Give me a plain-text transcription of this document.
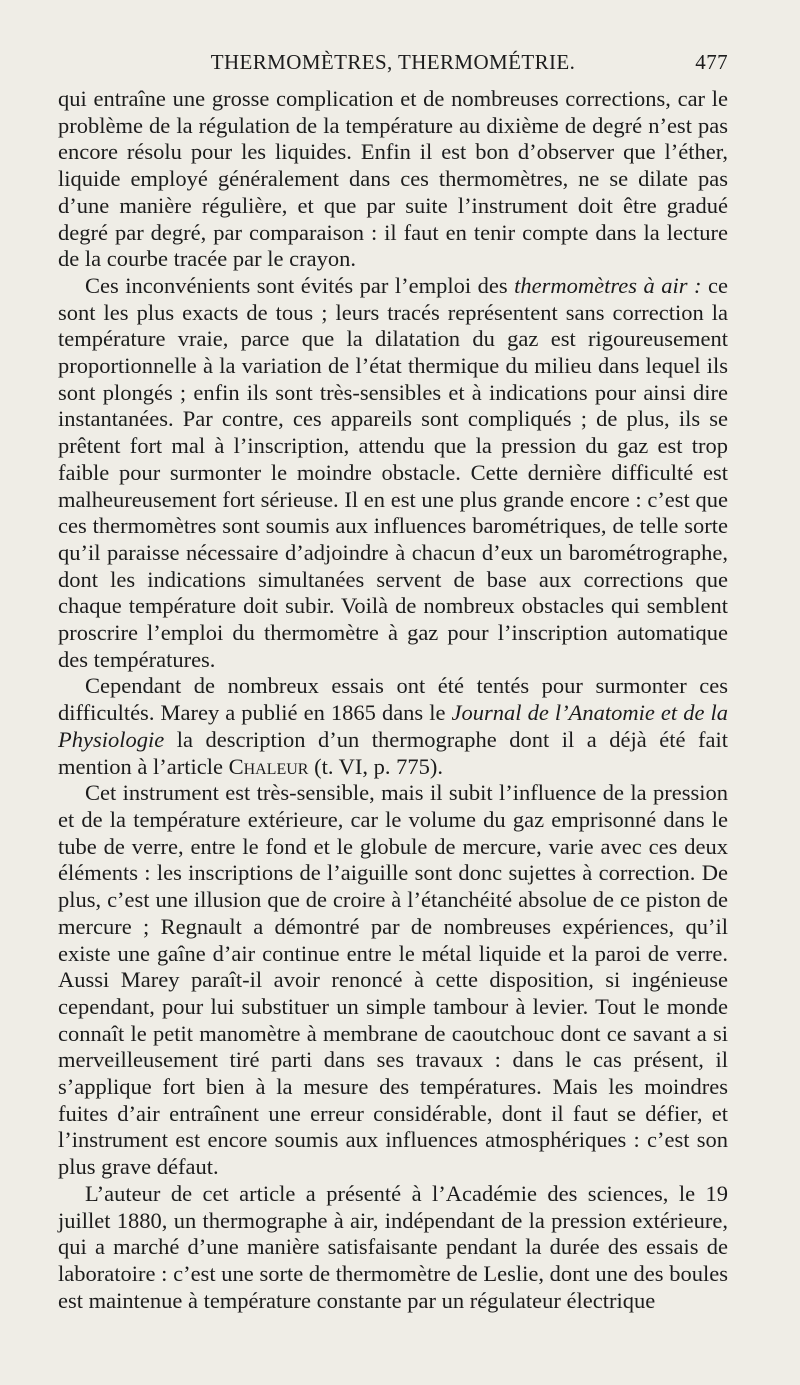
THERMOMÈTRES, THERMOMÉTRIE.	477

qui entraîne une grosse complication et de nombreuses corrections, car le problème de la régulation de la température au dixième de degré n’est pas encore résolu pour les liquides. Enfin il est bon d’observer que l’éther, liquide employé généralement dans ces thermomètres, ne se dilate pas d’une manière régulière, et que par suite l’instrument doit être gradué degré par degré, par comparaison : il faut en tenir compte dans la lecture de la courbe tracée par le crayon.

Ces inconvénients sont évités par l’emploi des thermomètres à air : ce sont les plus exacts de tous ; leurs tracés représentent sans correction la température vraie, parce que la dilatation du gaz est rigoureusement proportionnelle à la variation de l’état thermique du milieu dans lequel ils sont plongés ; enfin ils sont très-sensibles et à indications pour ainsi dire instantanées. Par contre, ces appareils sont compliqués ; de plus, ils se prêtent fort mal à l’inscription, attendu que la pression du gaz est trop faible pour surmonter le moindre obstacle. Cette dernière difficulté est malheureusement fort sérieuse. Il en est une plus grande encore : c’est que ces thermomètres sont soumis aux influences barométriques, de telle sorte qu’il paraisse nécessaire d’adjoindre à chacun d’eux un barométrographe, dont les indications simultanées servent de base aux corrections que chaque température doit subir. Voilà de nombreux obstacles qui semblent proscrire l’emploi du thermomètre à gaz pour l’inscription automatique des températures.

Cependant de nombreux essais ont été tentés pour surmonter ces difficultés. Marey a publié en 1865 dans le Journal de l’Anatomie et de la Physiologie la description d’un thermographe dont il a déjà été fait mention à l’article Chaleur (t. VI, p. 775).

Cet instrument est très-sensible, mais il subit l’influence de la pression et de la température extérieure, car le volume du gaz emprisonné dans le tube de verre, entre le fond et le globule de mercure, varie avec ces deux éléments : les inscriptions de l’aiguille sont donc sujettes à correction. De plus, c’est une illusion que de croire à l’étanchéité absolue de ce piston de mercure ; Regnault a démontré par de nombreuses expériences, qu’il existe une gaîne d’air continue entre le métal liquide et la paroi de verre. Aussi Marey paraît-il avoir renoncé à cette disposition, si ingénieuse cependant, pour lui substituer un simple tambour à levier. Tout le monde connaît le petit manomètre à membrane de caoutchouc dont ce savant a si merveilleusement tiré parti dans ses travaux : dans le cas présent, il s’applique fort bien à la mesure des températures. Mais les moindres fuites d’air entraînent une erreur considérable, dont il faut se défier, et l’instrument est encore soumis aux influences atmosphériques : c’est son plus grave défaut.

L’auteur de cet article a présenté à l’Académie des sciences, le 19 juillet 1880, un thermographe à air, indépendant de la pression extérieure, qui a marché d’une manière satisfaisante pendant la durée des essais de laboratoire : c’est une sorte de thermomètre de Leslie, dont une des boules est maintenue à température constante par un régulateur électrique
